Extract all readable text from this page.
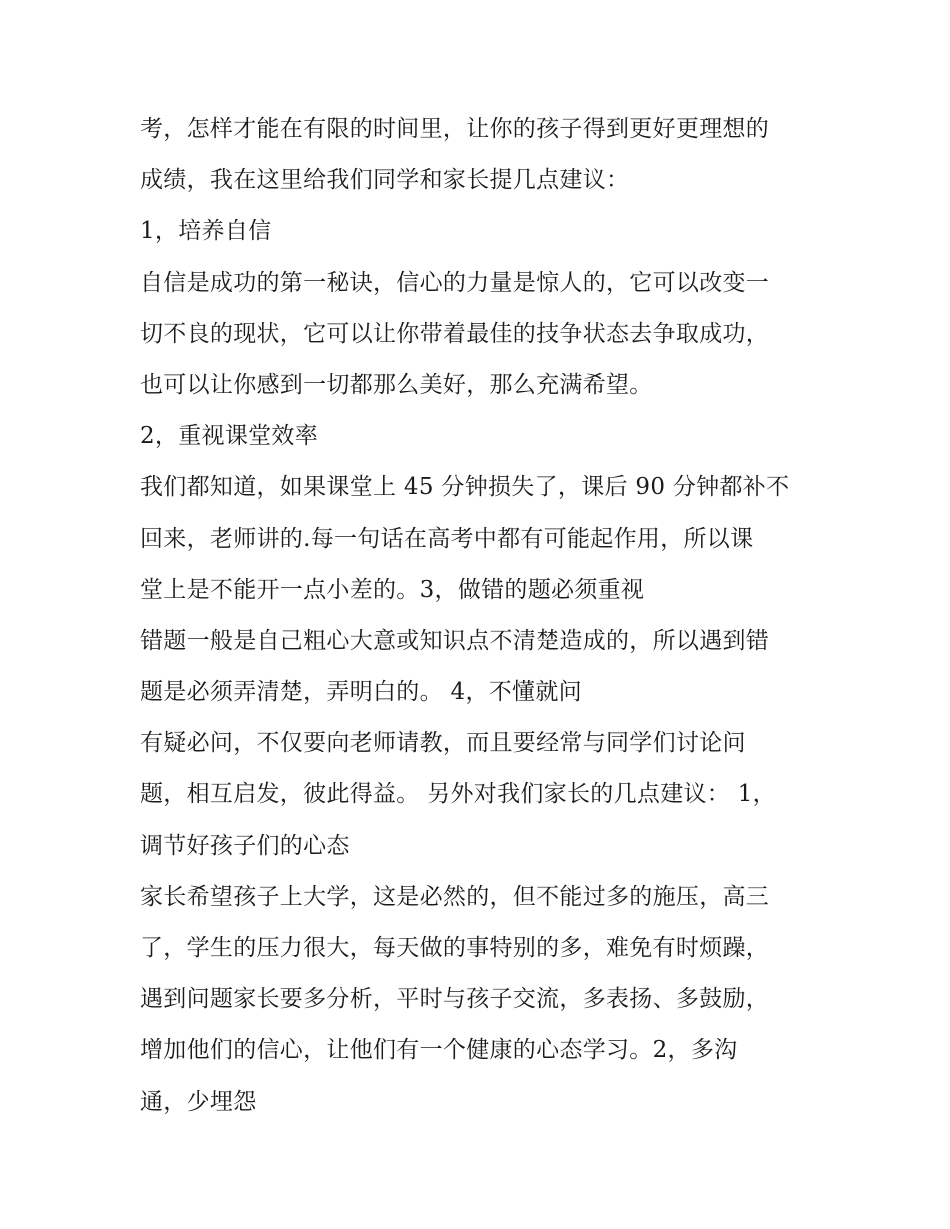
考，怎样才能在有限的时间里，让你的孩子得到更好更理想的
成绩，我在这里给我们同学和家长提几点建议：
1，培养自信
自信是成功的第一秘诀，信心的力量是惊人的，它可以改变一
切不良的现状，它可以让你带着最佳的技争状态去争取成功，
也可以让你感到一切都那么美好，那么充满希望。
2，重视课堂效率
我们都知道，如果课堂上 45 分钟损失了，课后 90 分钟都补不
回来，老师讲的.每一句话在高考中都有可能起作用，所以课
堂上是不能开一点小差的。3，做错的题必须重视
错题一般是自己粗心大意或知识点不清楚造成的，所以遇到错
题是必须弄清楚，弄明白的。 4，不懂就问
有疑必问，不仅要向老师请教，而且要经常与同学们讨论问
题，相互启发，彼此得益。 另外对我们家长的几点建议： 1，
调节好孩子们的心态
家长希望孩子上大学，这是必然的，但不能过多的施压，高三
了，学生的压力很大，每天做的事特别的多，难免有时烦躁，
遇到问题家长要多分析，平时与孩子交流，多表扬、多鼓励，
增加他们的信心，让他们有一个健康的心态学习。2，多沟
通，少埋怨
